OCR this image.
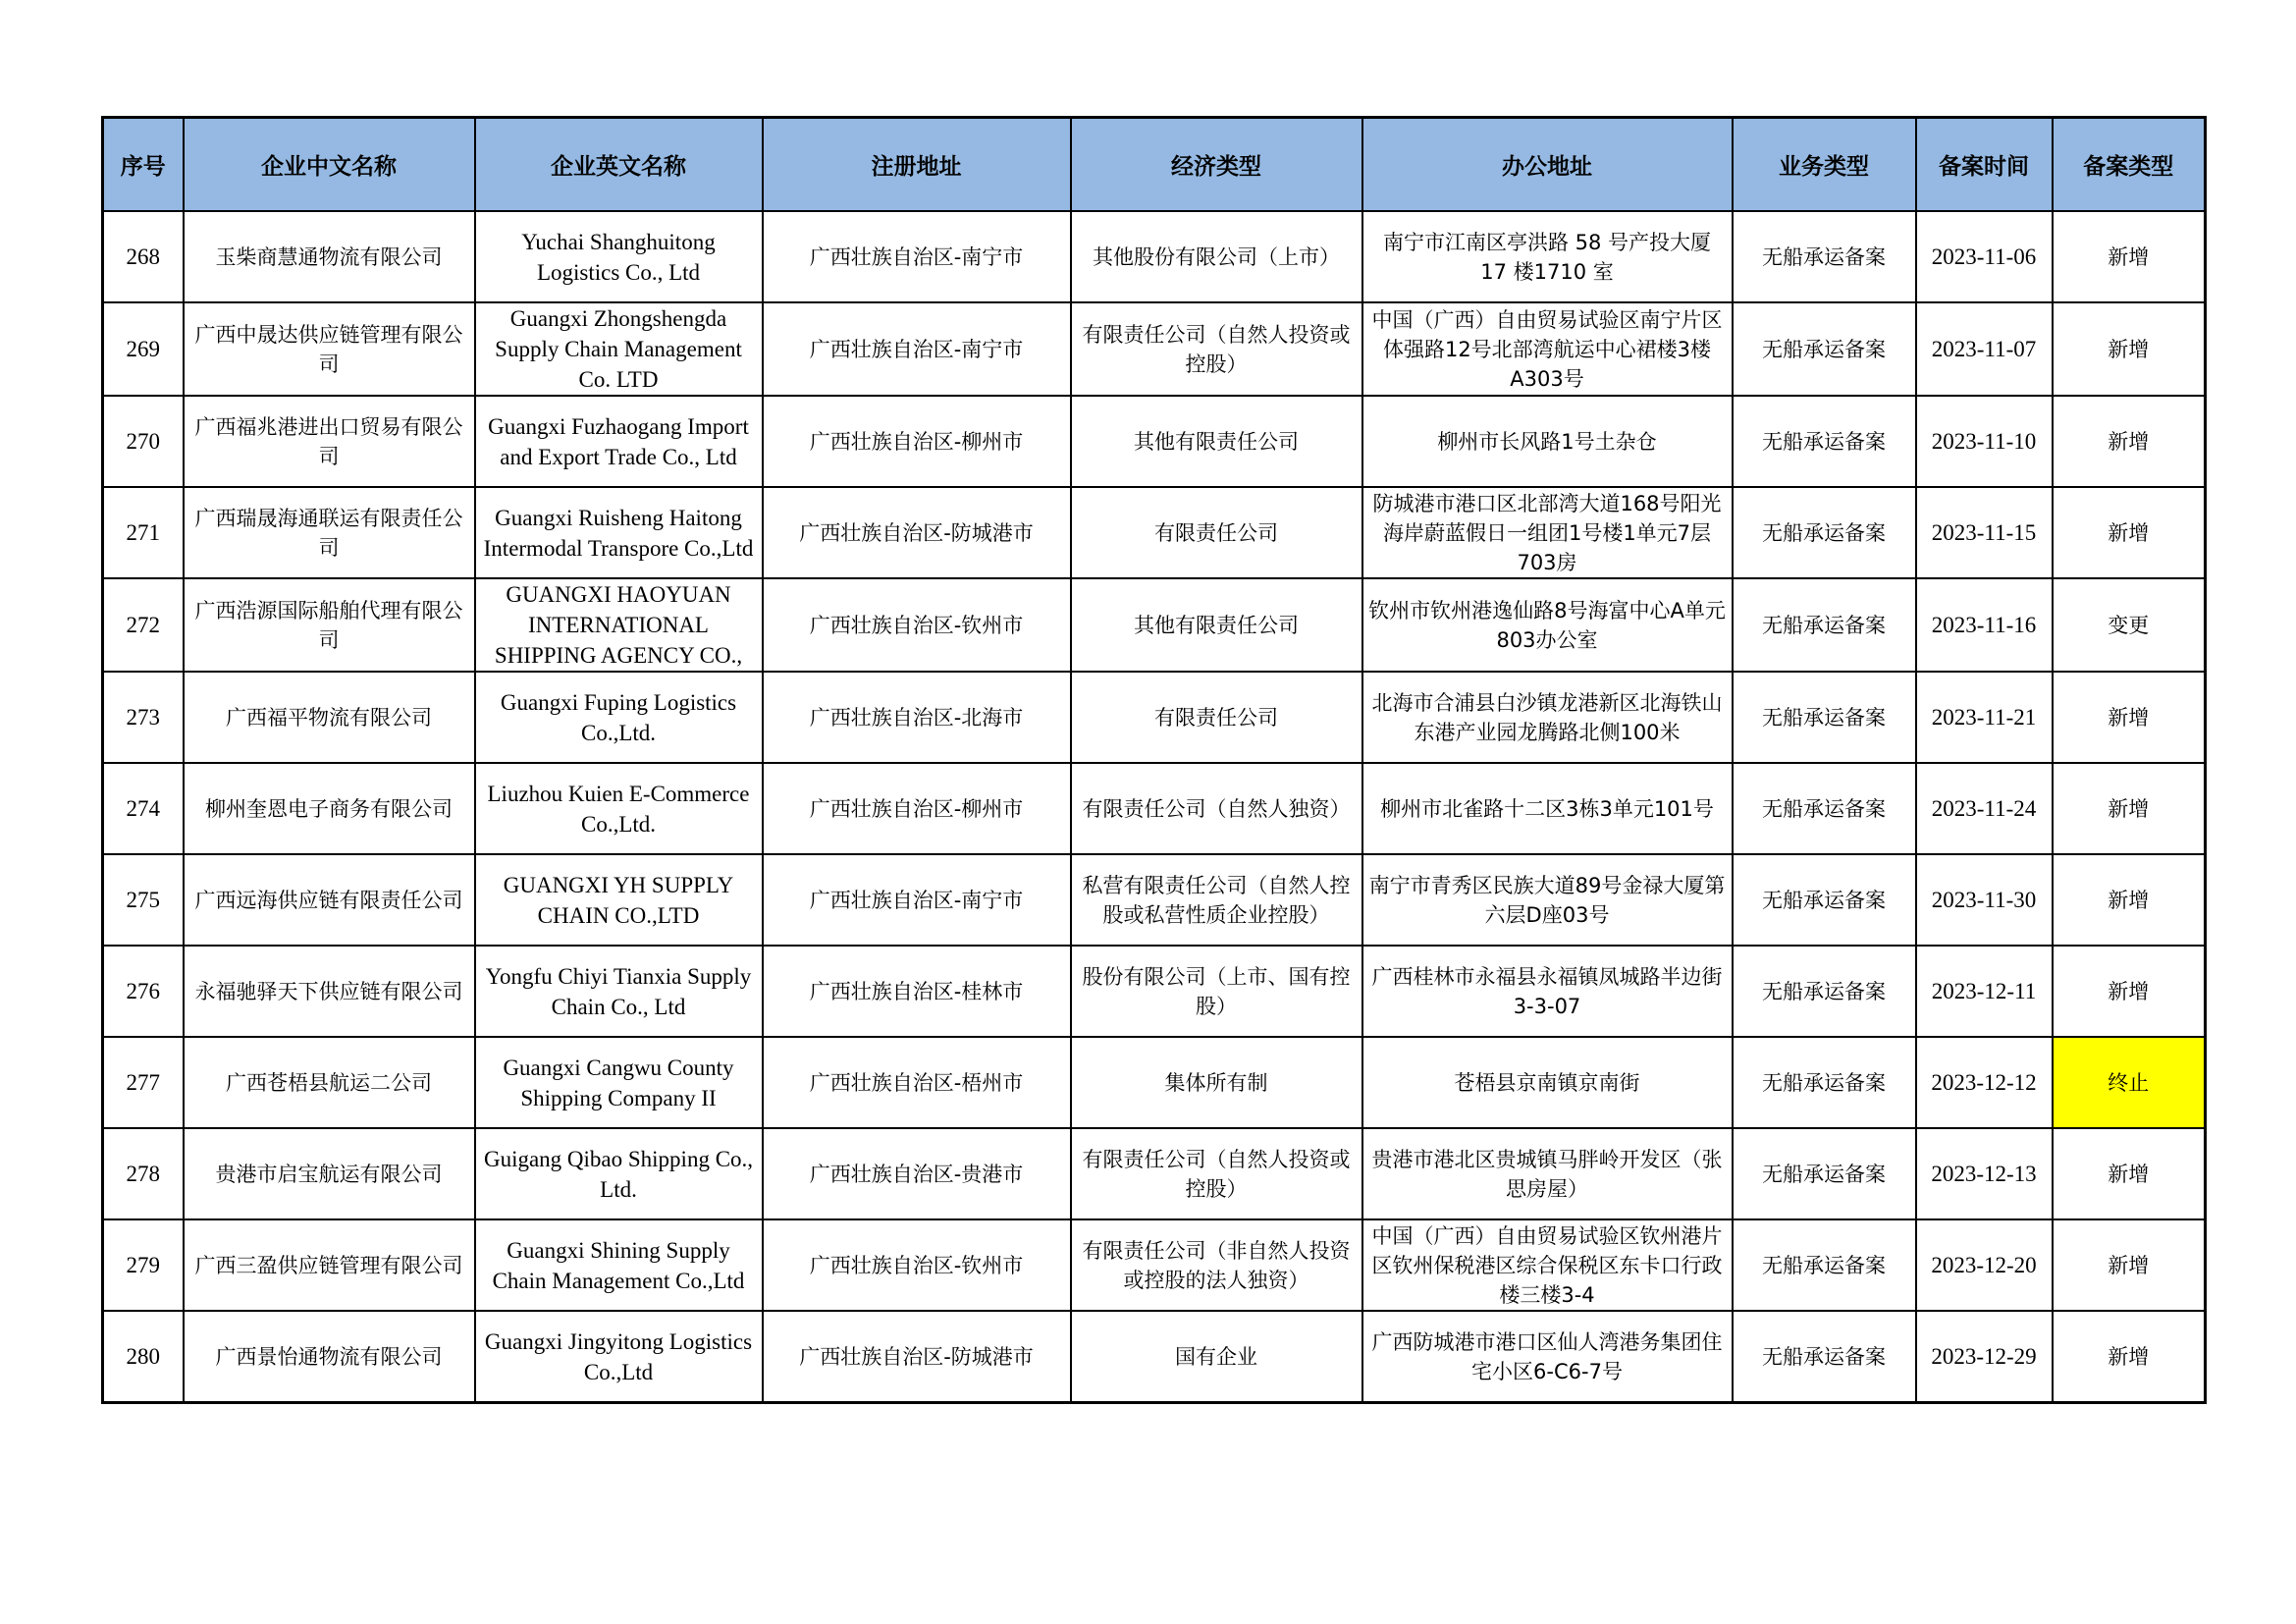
序号	企业中文名称	企业英文名称	注册地址	经济类型	办公地址	业务类型	备案时间	备案类型
268	玉柴商慧通物流有限公司	Yuchai Shanghuitong Logistics Co., Ltd	广西壮族自治区-南宁市	其他股份有限公司（上市）	南宁市江南区亭洪路 58 号产投大厦 17 楼1710 室	无船承运备案	2023-11-06	新增
269	广西中晟达供应链管理有限公司	Guangxi Zhongshengda Supply Chain Management Co. LTD	广西壮族自治区-南宁市	有限责任公司（自然人投资或控股）	中国（广西）自由贸易试验区南宁片区体强路12号北部湾航运中心裙楼3楼A303号	无船承运备案	2023-11-07	新增
270	广西福兆港进出口贸易有限公司	Guangxi Fuzhaogang Import and Export Trade Co., Ltd	广西壮族自治区-柳州市	其他有限责任公司	柳州市长风路1号土杂仓	无船承运备案	2023-11-10	新增
271	广西瑞晟海通联运有限责任公司	Guangxi Ruisheng Haitong Intermodal Transpore Co.,Ltd	广西壮族自治区-防城港市	有限责任公司	防城港市港口区北部湾大道168号阳光海岸蔚蓝假日一组团1号楼1单元7层703房	无船承运备案	2023-11-15	新增
272	广西浩源国际船舶代理有限公司	GUANGXI HAOYUAN INTERNATIONAL SHIPPING AGENCY CO.,	广西壮族自治区-钦州市	其他有限责任公司	钦州市钦州港逸仙路8号海富中心A单元803办公室	无船承运备案	2023-11-16	变更
273	广西福平物流有限公司	Guangxi Fuping Logistics Co.,Ltd.	广西壮族自治区-北海市	有限责任公司	北海市合浦县白沙镇龙港新区北海铁山东港产业园龙腾路北侧100米	无船承运备案	2023-11-21	新增
274	柳州奎恩电子商务有限公司	Liuzhou Kuien E-Commerce Co.,Ltd.	广西壮族自治区-柳州市	有限责任公司（自然人独资）	柳州市北雀路十二区3栋3单元101号	无船承运备案	2023-11-24	新增
275	广西远海供应链有限责任公司	GUANGXI YH SUPPLY CHAIN CO.,LTD	广西壮族自治区-南宁市	私营有限责任公司（自然人控股或私营性质企业控股）	南宁市青秀区民族大道89号金禄大厦第六层D座03号	无船承运备案	2023-11-30	新增
276	永福驰驿天下供应链有限公司	Yongfu Chiyi Tianxia Supply Chain Co., Ltd	广西壮族自治区-桂林市	股份有限公司（上市、国有控股）	广西桂林市永福县永福镇凤城路半边街3-3-07	无船承运备案	2023-12-11	新增
277	广西苍梧县航运二公司	Guangxi Cangwu County Shipping Company II	广西壮族自治区-梧州市	集体所有制	苍梧县京南镇京南街	无船承运备案	2023-12-12	终止
278	贵港市启宝航运有限公司	Guigang Qibao Shipping Co., Ltd.	广西壮族自治区-贵港市	有限责任公司（自然人投资或控股）	贵港市港北区贵城镇马胖岭开发区（张思房屋）	无船承运备案	2023-12-13	新增
279	广西三盈供应链管理有限公司	Guangxi Shining Supply Chain Management Co.,Ltd	广西壮族自治区-钦州市	有限责任公司（非自然人投资或控股的法人独资）	中国（广西）自由贸易试验区钦州港片区钦州保税港区综合保税区东卡口行政楼三楼3-4	无船承运备案	2023-12-20	新增
280	广西景怡通物流有限公司	Guangxi Jingyitong Logistics Co.,Ltd	广西壮族自治区-防城港市	国有企业	广西防城港市港口区仙人湾港务集团住宅小区6-C6-7号	无船承运备案	2023-12-29	新增
